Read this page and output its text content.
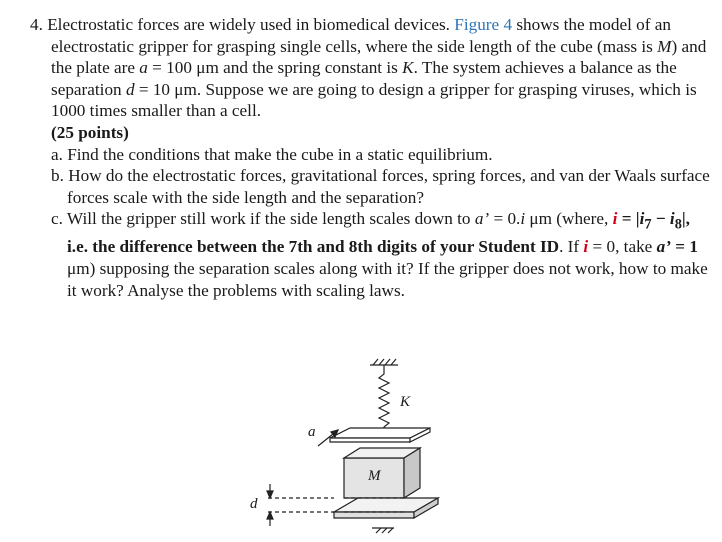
4. Electrostatic forces are widely used in biomedical devices. Figure 4 shows the model of an electrostatic gripper for grasping single cells, where the side length of the cube (mass is M) and the plate are a = 100 μm and the spring constant is K. The system achieves a balance as the separation d = 10 μm. Suppose we are going to design a gripper for grasping viruses, which is 1000 times smaller than a cell.

(25 points)

a. Find the conditions that make the cube in a static equilibrium.

b. How do the electrostatic forces, gravitational forces, spring forces, and van der Waals surface forces scale with the side length and the separation?

c. Will the gripper still work if the side length scales down to a’ = 0.i μm (where, $i = |i_7 - i_8|$, i.e. the difference between the 7th and 8th digits of your Student ID. If i = 0, take a’ = 1 μm) supposing the separation scales along with it? If the gripper does not work, how to make it work? Analyse the problems with scaling laws.

K
a
M
d
